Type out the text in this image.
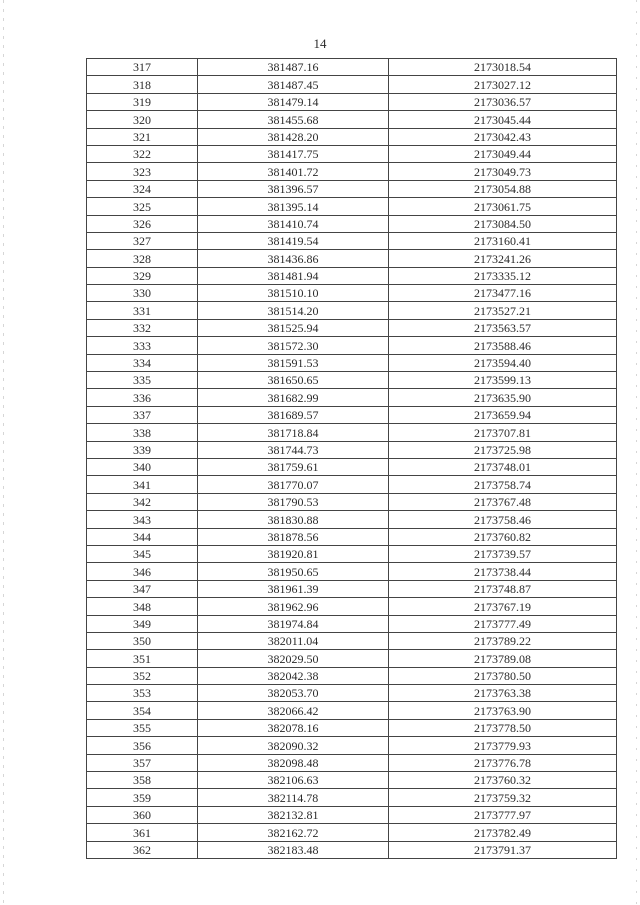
14
317	381487.16	2173018.54
318	381487.45	2173027.12
319	381479.14	2173036.57
320	381455.68	2173045.44
321	381428.20	2173042.43
322	381417.75	2173049.44
323	381401.72	2173049.73
324	381396.57	2173054.88
325	381395.14	2173061.75
326	381410.74	2173084.50
327	381419.54	2173160.41
328	381436.86	2173241.26
329	381481.94	2173335.12
330	381510.10	2173477.16
331	381514.20	2173527.21
332	381525.94	2173563.57
333	381572.30	2173588.46
334	381591.53	2173594.40
335	381650.65	2173599.13
336	381682.99	2173635.90
337	381689.57	2173659.94
338	381718.84	2173707.81
339	381744.73	2173725.98
340	381759.61	2173748.01
341	381770.07	2173758.74
342	381790.53	2173767.48
343	381830.88	2173758.46
344	381878.56	2173760.82
345	381920.81	2173739.57
346	381950.65	2173738.44
347	381961.39	2173748.87
348	381962.96	2173767.19
349	381974.84	2173777.49
350	382011.04	2173789.22
351	382029.50	2173789.08
352	382042.38	2173780.50
353	382053.70	2173763.38
354	382066.42	2173763.90
355	382078.16	2173778.50
356	382090.32	2173779.93
357	382098.48	2173776.78
358	382106.63	2173760.32
359	382114.78	2173759.32
360	382132.81	2173777.97
361	382162.72	2173782.49
362	382183.48	2173791.37
